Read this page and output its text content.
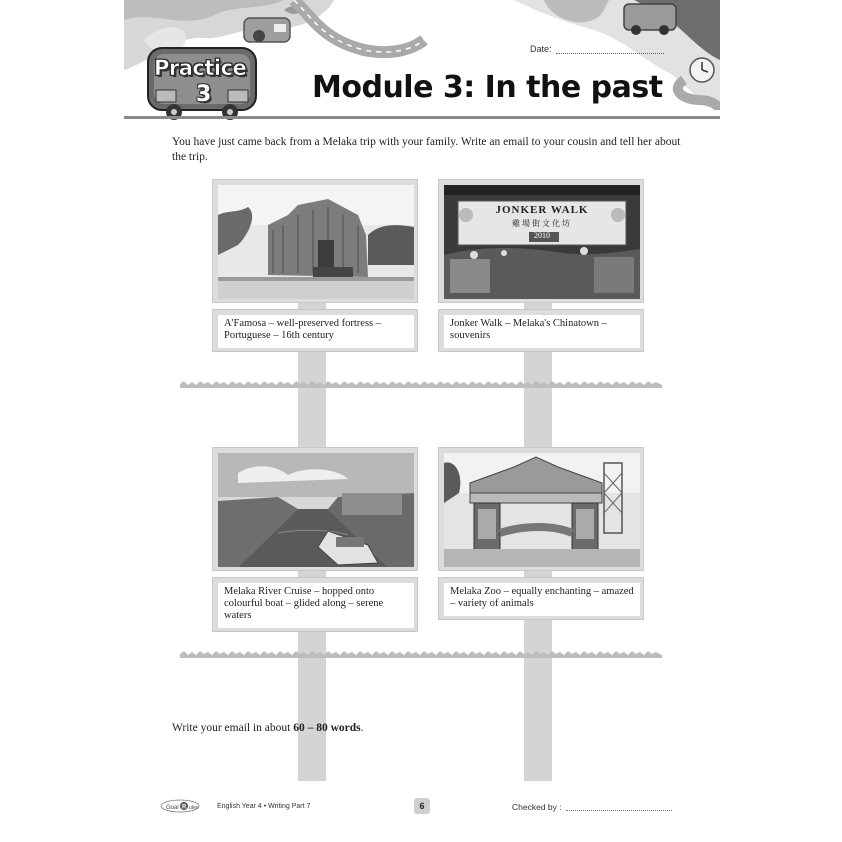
Practice
3	Module 3: In the past
Date:
You have just came back from a Melaka trip with your family. Write an email to your cousin and tell her about the trip.
A'Famosa – well-preserved fortress – Portuguese – 16th century
JONKER WALK
雞場街文化坊
2010
Jonker Walk – Melaka's Chinatown – souvenirs
Melaka River Cruise – hopped onto colourful boat – glided along – serene waters
Melaka Zoo – equally enchanting – amazed – variety of animals
Write your email in about 60 – 80 words.
Goal R ules	English Year 4 • Writing Part 7	6	Checked by :
